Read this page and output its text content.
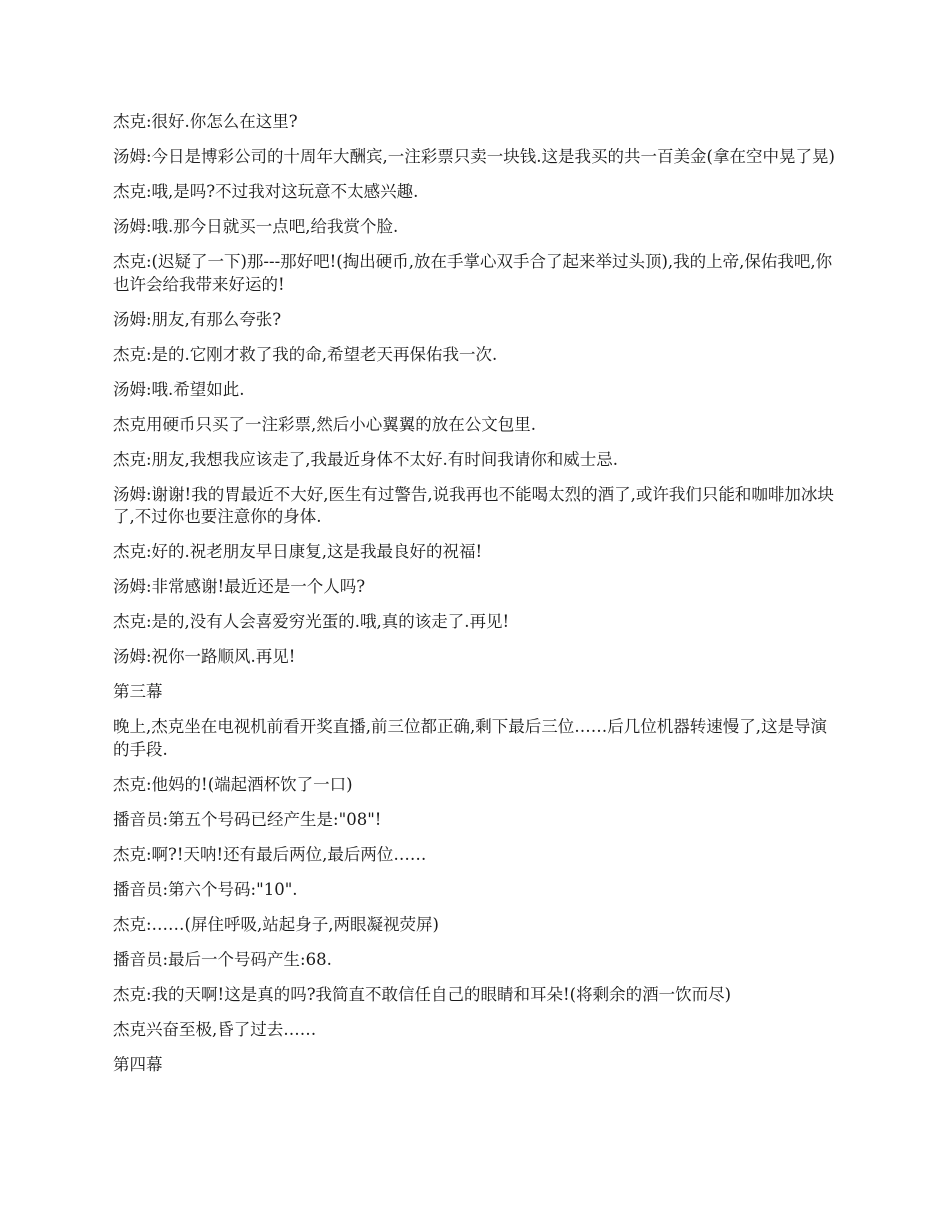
杰克:很好.你怎么在这里?

汤姆:今日是博彩公司的十周年大酬宾,一注彩票只卖一块钱.这是我买的共一百美金(拿在空中晃了晃)

杰克:哦,是吗?不过我对这玩意不太感兴趣.

汤姆:哦.那今日就买一点吧,给我赏个脸.

杰克:(迟疑了一下)那---那好吧!(掏出硬币,放在手掌心双手合了起来举过头顶),我的上帝,保佑我吧,你也许会给我带来好运的!

汤姆:朋友,有那么夸张?

杰克:是的.它刚才救了我的命,希望老天再保佑我一次.

汤姆:哦.希望如此.

杰克用硬币只买了一注彩票,然后小心翼翼的放在公文包里.

杰克:朋友,我想我应该走了,我最近身体不太好.有时间我请你和威士忌.

汤姆:谢谢!我的胃最近不大好,医生有过警告,说我再也不能喝太烈的酒了,或许我们只能和咖啡加冰块了,不过你也要注意你的身体.

杰克:好的.祝老朋友早日康复,这是我最良好的祝福!

汤姆:非常感谢!最近还是一个人吗?

杰克:是的,没有人会喜爱穷光蛋的.哦,真的该走了.再见!

汤姆:祝你一路顺风.再见!

第三幕

晚上,杰克坐在电视机前看开奖直播,前三位都正确,剩下最后三位……后几位机器转速慢了,这是导演的手段.

杰克:他妈的!(端起酒杯饮了一口)

播音员:第五个号码已经产生是:"08"!

杰克:啊?!天呐!还有最后两位,最后两位……

播音员:第六个号码:"10".

杰克:……(屏住呼吸,站起身子,两眼凝视荧屏)

播音员:最后一个号码产生:68.

杰克:我的天啊!这是真的吗?我简直不敢信任自己的眼睛和耳朵!(将剩余的酒一饮而尽)

杰克兴奋至极,昏了过去……

第四幕
